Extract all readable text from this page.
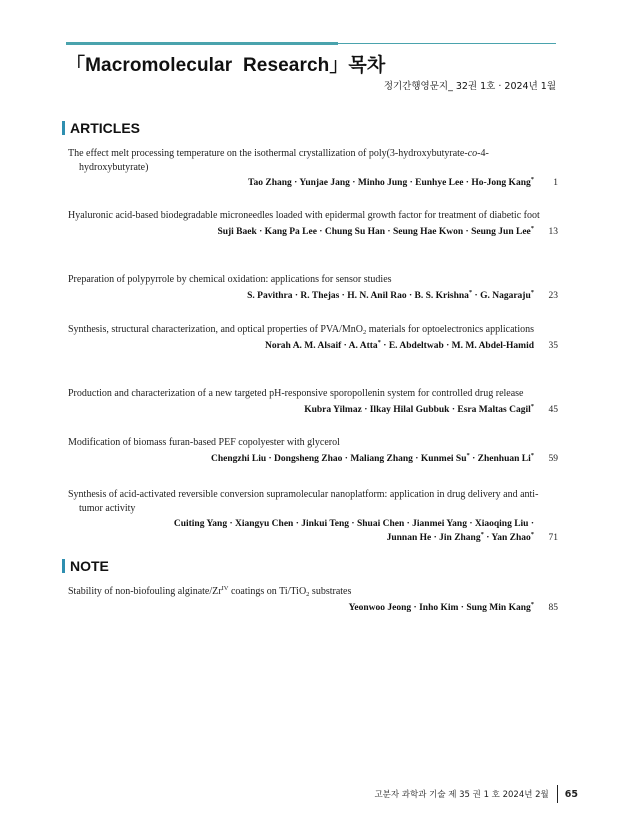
「Macromolecular  Research」목차
정기간행영문지_ 32권 1호 · 2024년 1월
ARTICLES
The effect melt processing temperature on the isothermal crystallization of poly(3-hydroxybutyrate-co-4-hydroxybutyrate)
Tao Zhang · Yunjae Jang · Minho Jung · Eunhye Lee · Ho-Jong Kang*	1
Hyaluronic acid-based biodegradable microneedles loaded with epidermal growth factor for treatment of diabetic foot
Suji Baek · Kang Pa Lee · Chung Su Han · Seung Hae Kwon · Seung Jun Lee*	13
Preparation of polypyrrole by chemical oxidation: applications for sensor studies
S. Pavithra · R. Thejas · H. N. Anil Rao · B. S. Krishna* · G. Nagaraju*	23
Synthesis, structural characterization, and optical properties of PVA/MnO$_2$ materials for optoelectronics applications
Norah A. M. Alsaif · A. Atta* · E. Abdeltwab · M. M. Abdel-Hamid	35
Production and characterization of a new targeted pH-responsive sporopollenin system for controlled drug release
Kubra Yilmaz · Ilkay Hilal Gubbuk · Esra Maltas Cagil*	45
Modification of biomass furan-based PEF copolyester with glycerol
Chengzhi Liu · Dongsheng Zhao · Maliang Zhang · Kunmei Su* · Zhenhuan Li*	59
Synthesis of acid-activated reversible conversion supramolecular nanoplatform: application in drug delivery and anti-tumor activity
Cuiting Yang · Xiangyu Chen · Jinkui Teng · Shuai Chen · Jianmei Yang · Xiaoqing Liu ·
Junnan He · Jin Zhang* · Yan Zhao*	71
NOTE
Stability of non-biofouling alginate/$Zr^{IV}$ coatings on Ti/TiO$_2$ substrates
Yeonwoo Jeong · Inho Kim · Sung Min Kang*	85
고분자 과학과 기술 제 35 권 1 호 2024년 2월 65
